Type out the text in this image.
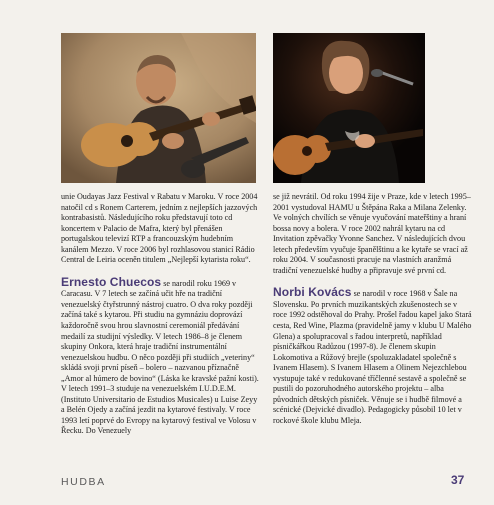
unie Oudayas Jazz Festival v Rabatu v Maroku. V roce 2004 natočil cd s Ronem Carterem, jedním z nejlepších jazzových kontrabasistů. Následujícího roku představují toto cd koncertem v Palacio de Mafra, který byl přenášen portugalskou televizí RTP a francouzským hudebním kanálem Mezzo. V roce 2006 byl rozhlasovou stanicí Rádio Central de Leiria oceněn titulem „Nejlepší kytarista roku“.

Ernesto Chuecos se narodil roku 1969 v Caracasu. V 7 letech se začíná učit hře na tradiční venezuelský čtyřstrunný nástroj cuatro. O dva roky později začíná také s kytarou. Při studiu na gymnáziu doprovází každoročně svou hrou slavnostní ceremoniál předávání medailí za studijní výsledky. V letech 1986–8 je členem skupiny Onkora, která hraje tradiční instrumentální venezuelskou hudbu. O něco později při studiích „veteriny“ skládá svoji první píseň – bolero – nazvanou příznačně „Amor al húmero de bovino“ (Láska ke kravské pažní kosti). V letech 1991–3 studuje na venezuelském I.U.D.E.M. (Instituto Universitario de Estudios Musicales) u Luise Zeyy a Belén Ojedy a začíná jezdit na kytarové festivaly. V roce 1993 letí poprvé do Evropy na kytarový festival ve Volosu v Řecku. Do Venezuely

se již nevrátil. Od roku 1994 žije v Praze, kde v letech 1995–2001 vystudoval HAMU u Štěpána Raka a Milana Zelenky. Ve volných chvílích se věnuje vyučování mateřštiny a hraní bossa novy a bolera. V roce 2002 nahrál kytaru na cd Invitation zpěvačky Yvonne Sanchez. V následujících dvou letech především vyučuje španělštinu a ke kytaře se vrací až roku 2004. V současnosti pracuje na vlastních aranžmá tradiční venezuelské hudby a připravuje své první cd.

Norbi Kovács se narodil v roce 1968 v Šale na Slovensku. Po prvních muzikantských zkušenostech se v roce 1992 odstěhoval do Prahy. Prošel řadou kapel jako Stará cesta, Red Wine, Plazma (pravidelně jamy v klubu U Malého Glena) a spolupracoval s řadou interpretů, například písničkářkou Radůzou (1997-8). Je členem skupin Lokomotiva a Růžový brejle (spoluzakladatel společně s Ivanem Hlasem). S Ivanem Hlasem a Olinem Nejezchlebou vystupuje také v redukované tříčlenné sestavě a společně se pustili do pozoruhodného autorského projektu – alba původních dětských písniček. Věnuje se i hudbě filmové a scénické (Dejvické divadlo). Pedagogicky působil 10 let v rockové škole klubu Mleja.

HUDBA	37
